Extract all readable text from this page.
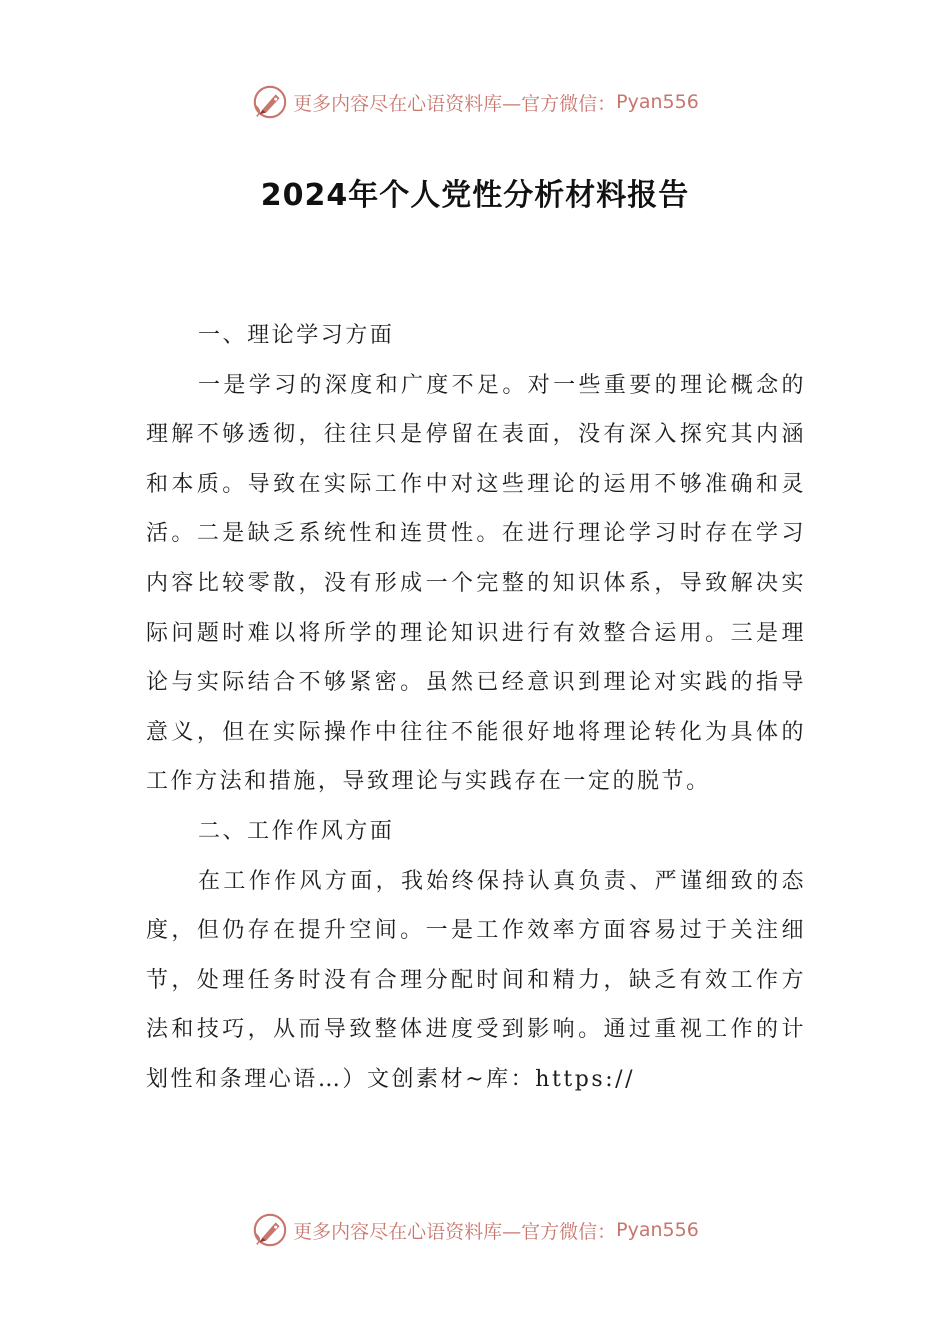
更多内容尽在心语资料库—官方微信： Pyan556
2024年个人党性分析材料报告

一、理论学习方面

一是学习的深度和广度不足。对一些重要的理论概念的理解不够透彻，往往只是停留在表面，没有深入探究其内涵和本质。导致在实际工作中对这些理论的运用不够准确和灵活。二是缺乏系统性和连贯性。在进行理论学习时存在学习内容比较零散，没有形成一个完整的知识体系，导致解决实际问题时难以将所学的理论知识进行有效整合运用。三是理论与实际结合不够紧密。虽然已经意识到理论对实践的指导意义，但在实际操作中往往不能很好地将理论转化为具体的工作方法和措施，导致理论与实践存在一定的脱节。

二、工作作风方面

在工作作风方面，我始终保持认真负责、严谨细致的态度，但仍存在提升空间。一是工作效率方面容易过于关注细节，处理任务时没有合理分配时间和精力，缺乏有效工作方法和技巧，从而导致整体进度受到影响。通过重视工作的计划性和条理心语…）文创素材~库：https://

更多内容尽在心语资料库—官方微信： Pyan556
